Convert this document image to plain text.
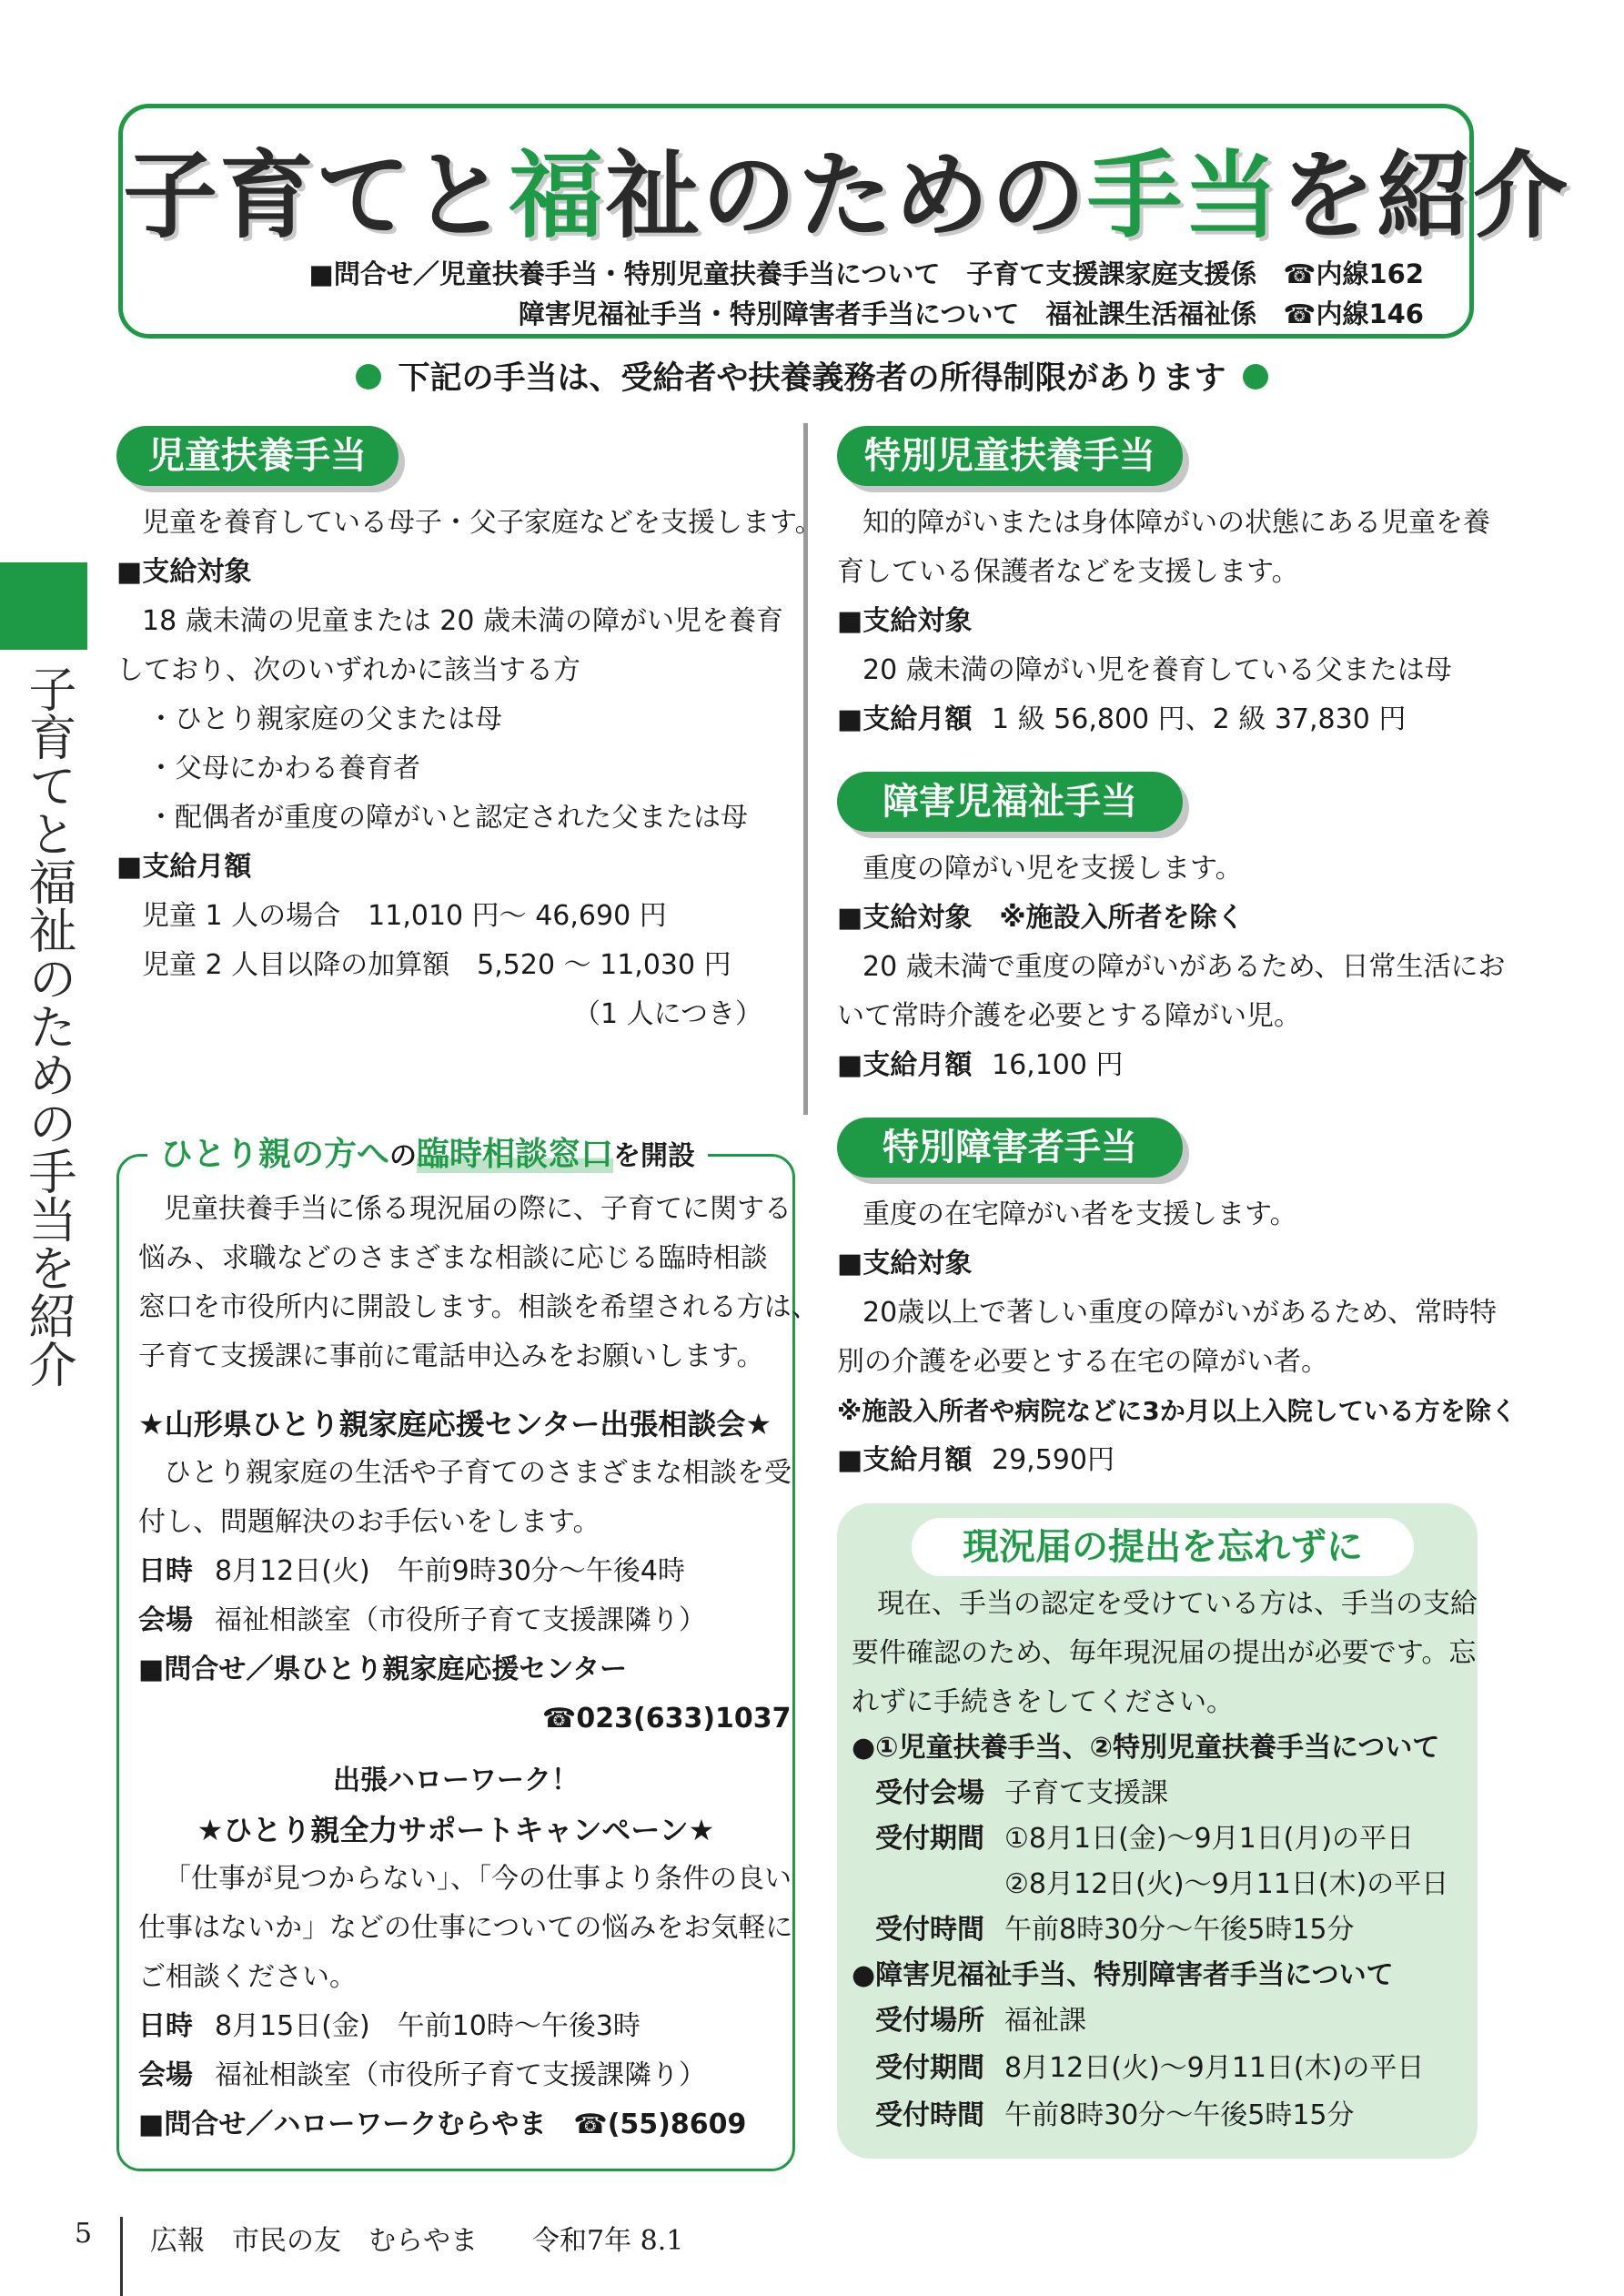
子育てと福祉のための手当を紹介
■問合せ／児童扶養手当・特別児童扶養手当について　子育て支援課家庭支援係　☎内線162
障害児福祉手当・特別障害者手当について　福祉課生活福祉係　☎内線146
下記の手当は、受給者や扶養義務者の所得制限があります
子育てと福祉のための手当を紹介
児童扶養手当
児童を養育している母子・父子家庭などを支援します。
■支給対象
18 歳未満の児童または 20 歳未満の障がい児を養育
しており、次のいずれかに該当する方
・ひとり親家庭の父または母
・父母にかわる養育者
・配偶者が重度の障がいと認定された父または母
■支給月額
児童 1 人の場合　11,010 円～ 46,690 円
児童 2 人目以降の加算額　5,520 ～ 11,030 円
（1 人につき）
ひとり親の方への臨時相談窓口を開設
児童扶養手当に係る現況届の際に、子育てに関する
悩み、求職などのさまざまな相談に応じる臨時相談
窓口を市役所内に開設します。相談を希望される方は、
子育て支援課に事前に電話申込みをお願いします。
★山形県ひとり親家庭応援センター出張相談会★
ひとり親家庭の生活や子育てのさまざまな相談を受
付し、問題解決のお手伝いをします。
日時 8月12日(火)　午前9時30分～午後4時
会場 福祉相談室（市役所子育て支援課隣り）
■問合せ／県ひとり親家庭応援センター
☎023(633)1037
出張ハローワーク！
★ひとり親全力サポートキャンペーン★
「仕事が見つからない」、「今の仕事より条件の良い
仕事はないか」などの仕事についての悩みをお気軽に
ご相談ください。
日時 8月15日(金)　午前10時～午後3時
会場 福祉相談室（市役所子育て支援課隣り）
■問合せ／ハローワークむらやま　☎(55)8609
特別児童扶養手当
知的障がいまたは身体障がいの状態にある児童を養
育している保護者などを支援します。
■支給対象
20 歳未満の障がい児を養育している父または母
■支給月額 1 級 56,800 円、2 級 37,830 円
障害児福祉手当
重度の障がい児を支援します。
■支給対象　※施設入所者を除く
20 歳未満で重度の障がいがあるため、日常生活にお
いて常時介護を必要とする障がい児。
■支給月額 16,100 円
特別障害者手当
重度の在宅障がい者を支援します。
■支給対象
20歳以上で著しい重度の障がいがあるため、常時特
別の介護を必要とする在宅の障がい者。
※施設入所者や病院などに3か月以上入院している方を除く
■支給月額 29,590円
現況届の提出を忘れずに
現在、手当の認定を受けている方は、手当の支給
要件確認のため、毎年現況届の提出が必要です。忘
れずに手続きをしてください。
●①児童扶養手当、②特別児童扶養手当について
受付会場 子育て支援課
受付期間 ①8月1日(金)～9月1日(月)の平日
②8月12日(火)～9月11日(木)の平日
受付時間 午前8時30分～午後5時15分
●障害児福祉手当、特別障害者手当について
受付場所 福祉課
受付期間 8月12日(火)～9月11日(木)の平日
受付時間 午前8時30分～午後5時15分
5 広報　市民の友　むらやま　　令和7年 8.1
